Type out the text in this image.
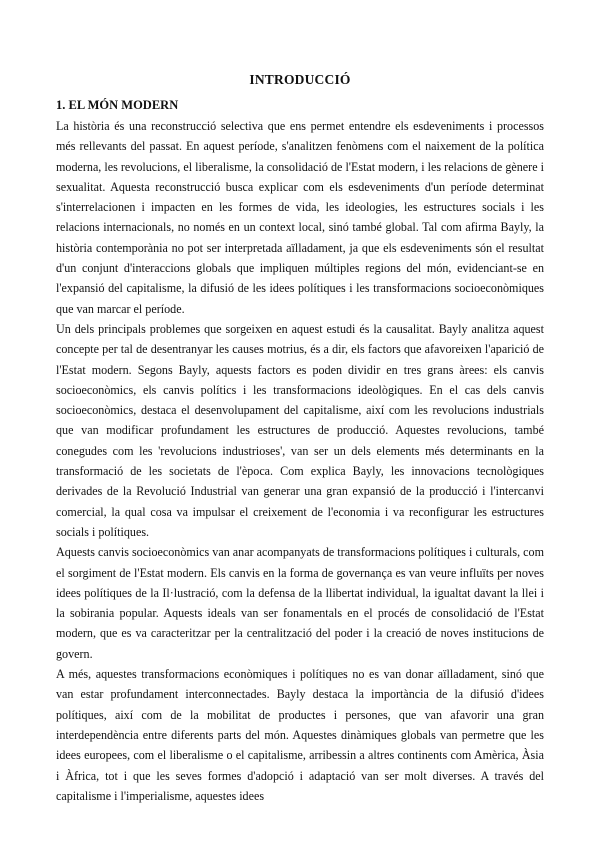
INTRODUCCIÓ
1. EL MÓN MODERN

La història és una reconstrucció selectiva que ens permet entendre els esdeveniments i processos més rellevants del passat. En aquest període, s'analitzen fenòmens com el naixement de la política moderna, les revolucions, el liberalisme, la consolidació de l'Estat modern, i les relacions de gènere i sexualitat. Aquesta reconstrucció busca explicar com els esdeveniments d'un període determinat s'interrelacionen i impacten en les formes de vida, les ideologies, les estructures socials i les relacions internacionals, no només en un context local, sinó també global. Tal com afirma Bayly, la història contemporània no pot ser interpretada aïlladament, ja que els esdeveniments són el resultat d'un conjunt d'interaccions globals que impliquen múltiples regions del món, evidenciant-se en l'expansió del capitalisme, la difusió de les idees polítiques i les transformacions socioeconòmiques que van marcar el període.

Un dels principals problemes que sorgeixen en aquest estudi és la causalitat. Bayly analitza aquest concepte per tal de desentranyar les causes motrius, és a dir, els factors que afavoreixen l'aparició de l'Estat modern. Segons Bayly, aquests factors es poden dividir en tres grans àrees: els canvis socioeconòmics, els canvis polítics i les transformacions ideològiques. En el cas dels canvis socioeconòmics, destaca el desenvolupament del capitalisme, així com les revolucions industrials que van modificar profundament les estructures de producció. Aquestes revolucions, també conegudes com les 'revolucions industrioses', van ser un dels elements més determinants en la transformació de les societats de l'època. Com explica Bayly, les innovacions tecnològiques derivades de la Revolució Industrial van generar una gran expansió de la producció i l'intercanvi comercial, la qual cosa va impulsar el creixement de l'economia i va reconfigurar les estructures socials i polítiques.

Aquests canvis socioeconòmics van anar acompanyats de transformacions polítiques i culturals, com el sorgiment de l'Estat modern. Els canvis en la forma de governança es van veure influïts per noves idees polítiques de la Il·lustració, com la defensa de la llibertat individual, la igualtat davant la llei i la sobirania popular. Aquests ideals van ser fonamentals en el procés de consolidació de l'Estat modern, que es va caracteritzar per la centralització del poder i la creació de noves institucions de govern.

A més, aquestes transformacions econòmiques i polítiques no es van donar aïlladament, sinó que van estar profundament interconnectades. Bayly destaca la importància de la difusió d'idees polítiques, així com de la mobilitat de productes i persones, que van afavorir una gran interdependència entre diferents parts del món. Aquestes dinàmiques globals van permetre que les idees europees, com el liberalisme o el capitalisme, arribessin a altres continents com Amèrica, Àsia i Àfrica, tot i que les seves formes d'adopció i adaptació van ser molt diverses. A través del capitalisme i l'imperialisme, aquestes idees
